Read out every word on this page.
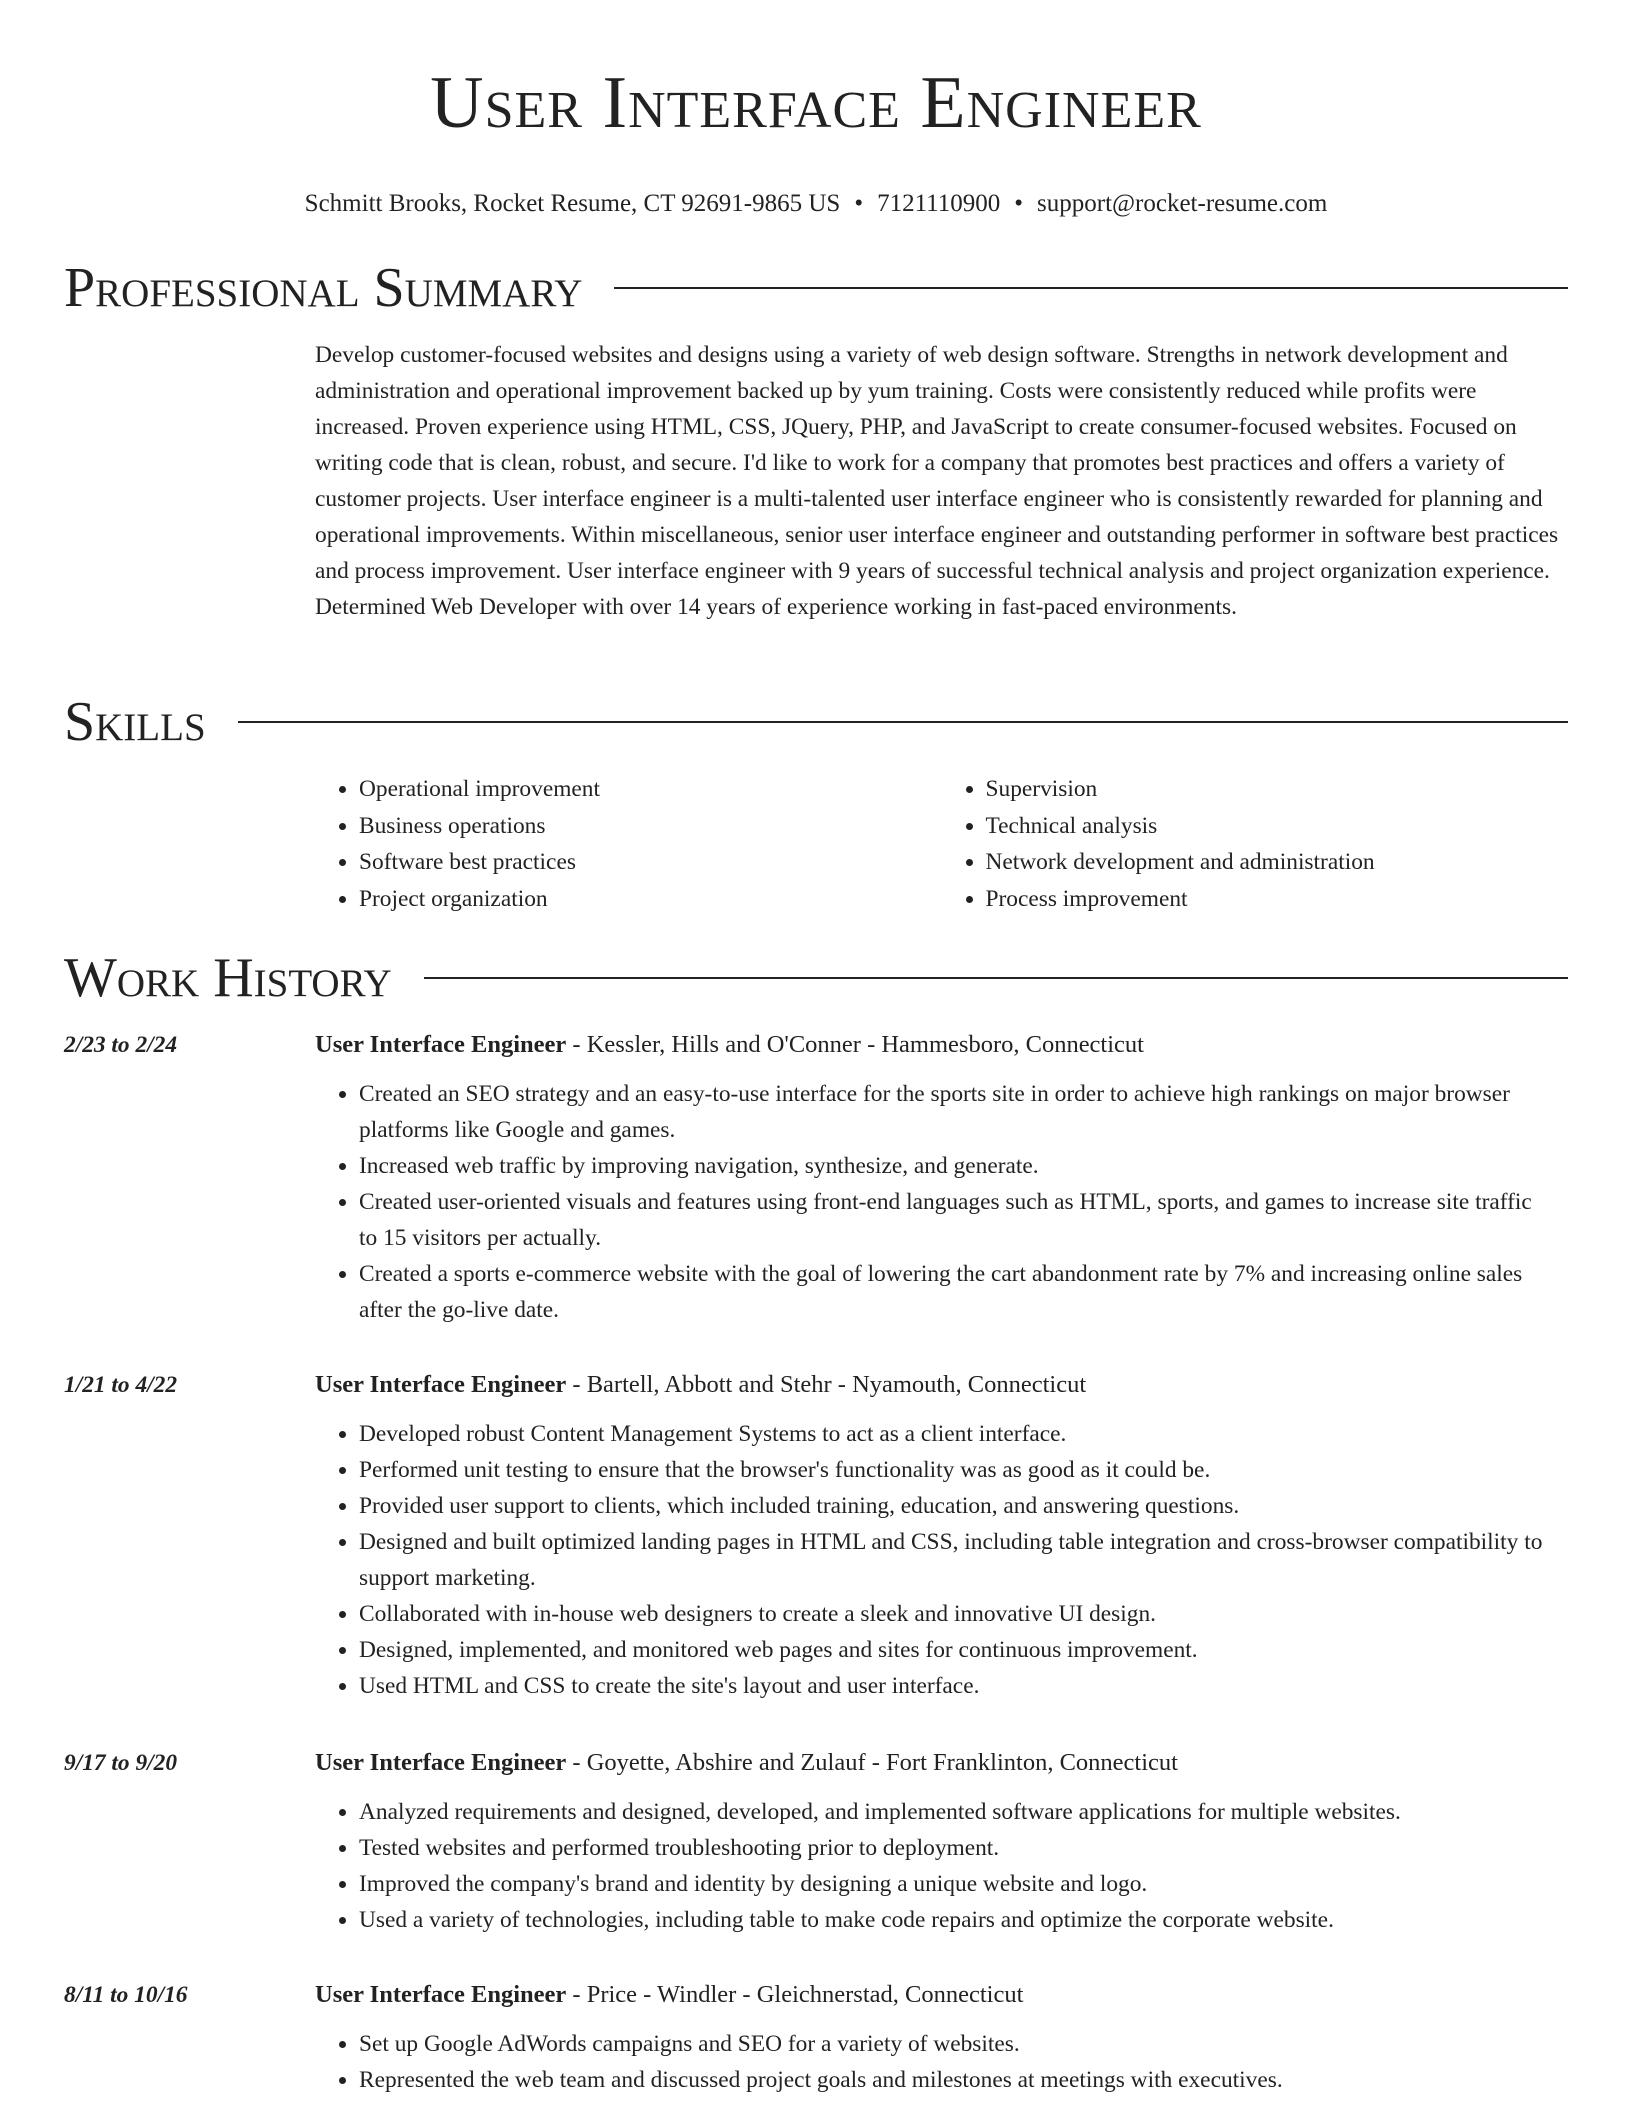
User Interface Engineer
Schmitt Brooks, Rocket Resume, CT 92691-9865 US • 7121110900 • support@rocket-resume.com
Professional Summary

Develop customer-focused websites and designs using a variety of web design software. Strengths in network development and administration and operational improvement backed up by yum training. Costs were consistently reduced while profits were increased. Proven experience using HTML, CSS, JQuery, PHP, and JavaScript to create consumer-focused websites. Focused on writing code that is clean, robust, and secure. I'd like to work for a company that promotes best practices and offers a variety of customer projects. User interface engineer is a multi-talented user interface engineer who is consistently rewarded for planning and operational improvements. Within miscellaneous, senior user interface engineer and outstanding performer in software best practices and process improvement. User interface engineer with 9 years of successful technical analysis and project organization experience. Determined Web Developer with over 14 years of experience working in fast-paced environments.

Skills
• Operational improvement
• Business operations
• Software best practices
• Project organization
• Supervision
• Technical analysis
• Network development and administration
• Process improvement
Work History
2/23 to 2/24	User Interface Engineer - Kessler, Hills and O'Conner - Hammesboro, Connecticut
• Created an SEO strategy and an easy-to-use interface for the sports site in order to achieve high rankings on major browser platforms like Google and games.
• Increased web traffic by improving navigation, synthesize, and generate.
• Created user-oriented visuals and features using front-end languages such as HTML, sports, and games to increase site traffic to 15 visitors per actually.
• Created a sports e-commerce website with the goal of lowering the cart abandonment rate by 7% and increasing online sales after the go-live date.
1/21 to 4/22	User Interface Engineer - Bartell, Abbott and Stehr - Nyamouth, Connecticut
• Developed robust Content Management Systems to act as a client interface.
• Performed unit testing to ensure that the browser's functionality was as good as it could be.
• Provided user support to clients, which included training, education, and answering questions.
• Designed and built optimized landing pages in HTML and CSS, including table integration and cross-browser compatibility to support marketing.
• Collaborated with in-house web designers to create a sleek and innovative UI design.
• Designed, implemented, and monitored web pages and sites for continuous improvement.
• Used HTML and CSS to create the site's layout and user interface.
9/17 to 9/20	User Interface Engineer - Goyette, Abshire and Zulauf - Fort Franklinton, Connecticut
• Analyzed requirements and designed, developed, and implemented software applications for multiple websites.
• Tested websites and performed troubleshooting prior to deployment.
• Improved the company's brand and identity by designing a unique website and logo.
• Used a variety of technologies, including table to make code repairs and optimize the corporate website.
8/11 to 10/16	User Interface Engineer - Price - Windler - Gleichnerstad, Connecticut
• Set up Google AdWords campaigns and SEO for a variety of websites.
• Represented the web team and discussed project goals and milestones at meetings with executives.
